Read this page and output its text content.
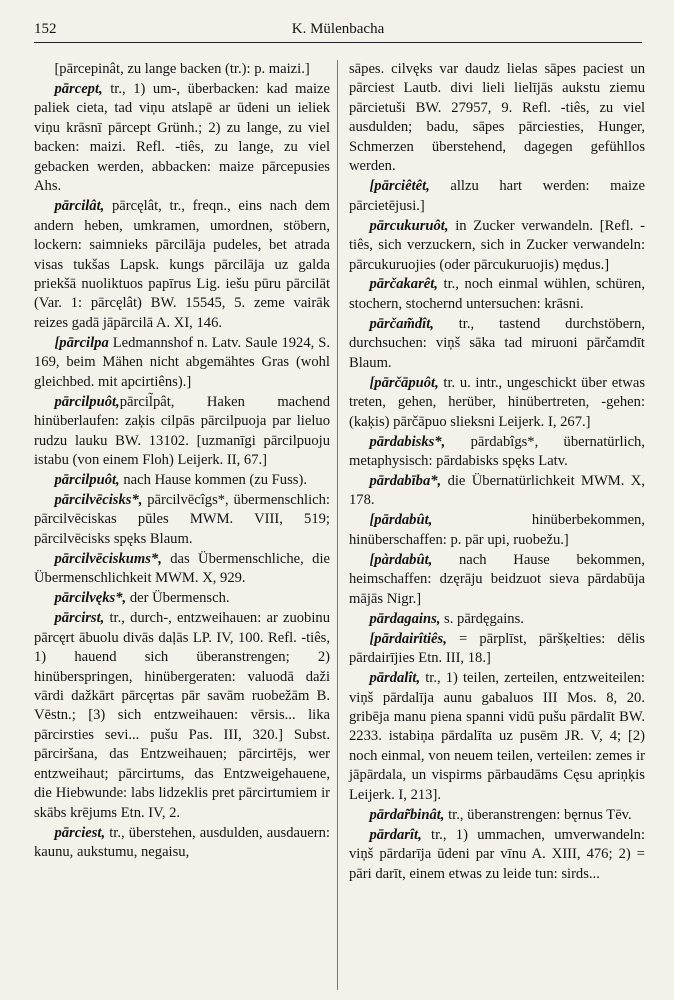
152	K. Mülenbacha

[pārcepinât, zu lange backen (tr.): p. maizi.]

pārcept, tr., 1) um-, überbacken: kad maize paliek cieta, tad viņu atslapē ar ūdeni un ieliek viņu krāsnī pārcept Grünh.; 2) zu lange, zu viel backen: maizi. Refl. -tiês, zu lange, zu viel gebacken werden, abbacken: maize pārcepusies Ahs.

pārcilât, pārcęlât, tr., freqn., eins nach dem andern heben, umkramen, umordnen, stöbern, lockern: saimnieks pārcilāja pudeles, bet atrada visas tukšas Lapsk. kungs pārcilāja uz galda priekšā nuoliktuos papīrus Lig. iešu pūru pārcilāt (Var. 1: pārcęlât) BW. 15545, 5. zeme vairāk reizes gadā jāpārcilā A. XI, 146.

[pārcilpa Ledmannshof n. Latv. Saule 1924, S. 169, beim Mähen nicht abgemähtes Gras (wohl gleichbed. mit apcirtiêns).]

pārcilpuôt,pārcil̃pât, Haken machend hinüberlaufen: zaķis cilpās pārcilpuoja par lieluo rudzu lauku BW. 13102. [uzmanīgi pārcilpuoju istabu (von einem Floh) Leijerk. II, 67.]

pārcilpuôt, nach Hause kommen (zu Fuss).

pārcilvēcisks*, pārcilvēcîgs*, übermenschlich: pārcilvēciskas pūles MWM. VIII, 519; pārcilvēcisks spęks Blaum.

pārcilvēciskums*, das Übermenschliche, die Übermenschlichkeit MWM. X, 929.

pārcilvęks*, der Übermensch.

pārcirst, tr., durch-, entzweihauen: ar zuobinu pārcęrt ābuolu divās daļās LP. IV, 100. Refl. -tiês, 1) hauend sich überanstrengen; 2) hinüberspringen, hinübergeraten: valuodā daži vārdi dažkārt pārcęrtas pār savām ruobežām B. Vēstn.; [3) sich entzweihauen: vērsis... lika pārcirsties sevi... pušu Pas. III, 320.] Subst. pārciršana, das Entzweihauen; pārcirtējs, wer entzweihaut; pārcirtums, das Entzweigehauene, die Hiebwunde: labs lidzeklis pret pārcirtumiem ir skābs krējums Etn. IV, 2.

pārciest, tr., überstehen, ausdulden, ausdauern: kaunu, aukstumu, negaisu,

sāpes. cilvęks var daudz lielas sāpes paciest un pārciest Lautb. divi lieli lielījās aukstu ziemu pārcietuši BW. 27957, 9. Refl. -tiês, zu viel ausdulden; badu, sāpes pārciesties, Hunger, Schmerzen überstehend, dagegen gefühllos werden.

[pārciêtêt, allzu hart werden: maize pārcietējusi.]

pārcukuruôt, in Zucker verwandeln. [Refl. -tiês, sich verzuckern, sich in Zucker verwandeln: pārcukuruojies (oder pārcukuruojis) mędus.]

pārčakarêt, tr., noch einmal wühlen, schüren, stochern, stochernd untersuchen: krāsni.

pārčam̃dît, tr., tastend durchstöbern, durchsuchen: viņš sāka tad miruoni pārčamdīt Blaum.

[pārčāpuôt, tr. u. intr., ungeschickt über etwas treten, gehen, herüber, hinübertreten, -gehen: (kaķis) pārčāpuo slieksni Leijerk. I, 267.]

pārdabisks*, pārdabîgs*, übernatürlich, metaphysisch: pārdabisks spęks Latv.

pārdabība*, die Übernatürlichkeit MWM. X, 178.

[pārdabût, hinüberbekommen, hinüberschaffen: p. pār upi, ruobežu.]

[pàrdabût, nach Hause bekommen, heimschaffen: dzęrāju beidzuot sieva pārdabūja mājās Nigr.]

pārdagains, s. pārdęgains.

[pārdairîtiês, = pārplīst, pāršķelties: dēlis pārdairījies Etn. III, 18.]

pārdalît, tr., 1) teilen, zerteilen, entzweiteilen: viņš pārdalīja aunu gabaluos III Mos. 8, 20. gribēja manu piena spanni vidū pušu pārdalīt BW. 2233. istabiņa pārdalīta uz pusēm JR. V, 4; [2) noch einmal, von neuem teilen, verteilen: zemes ir jāpārdala, un vispirms pārbaudāms Cęsu apriņķis Leijerk. I, 213].

pārdar̃binât, tr., überanstrengen: bęrnus Tēv.

pārdarît, tr., 1) ummachen, umverwandeln: viņš pārdarīja ūdeni par vīnu A. XIII, 476; 2) = pāri darīt, einem etwas zu leide tun: sirds...
